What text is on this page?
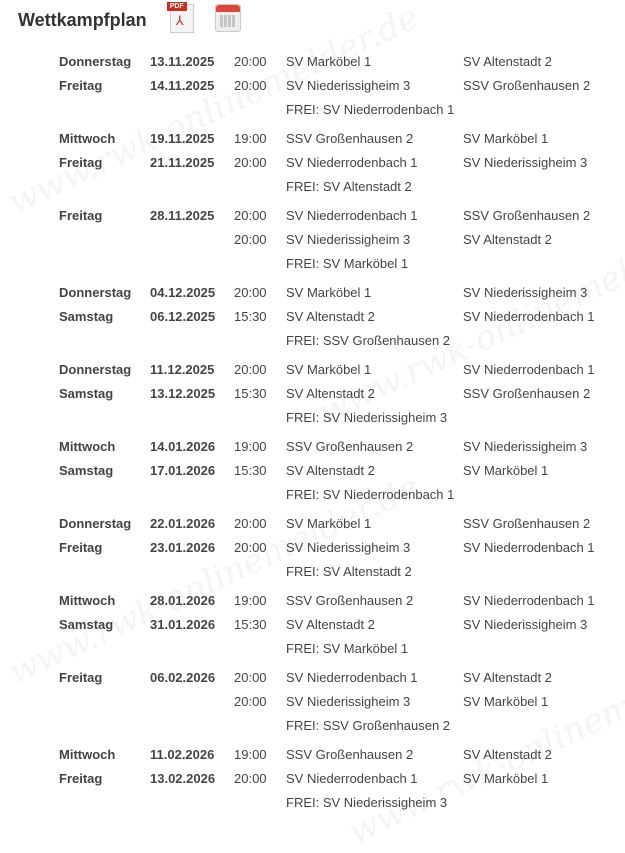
Wettkampfplan
PDF
⅄
Donnerstag 13.11.2025 20:00 SV Marköbel 1	SV Altenstadt 2
Freitag	14.11.2025 20:00 SV Niederissigheim 3	SSV Großenhausen 2
FREI: SV Niederrodenbach 1
Mittwoch	19.11.2025 19:00 SSV Großenhausen 2	SV Marköbel 1
Freitag	21.11.2025 20:00 SV Niederrodenbach 1	SV Niederissigheim 3
FREI: SV Altenstadt 2
Freitag	28.11.2025 20:00 SV Niederrodenbach 1	SSV Großenhausen 2
20:00 SV Niederissigheim 3	SV Altenstadt 2
FREI: SV Marköbel 1
Donnerstag 04.12.2025 20:00 SV Marköbel 1	SV Niederissigheim 3
Samstag	06.12.2025 15:30 SV Altenstadt 2	SV Niederrodenbach 1
FREI: SSV Großenhausen 2
Donnerstag 11.12.2025 20:00 SV Marköbel 1	SV Niederrodenbach 1
Samstag	13.12.2025 15:30 SV Altenstadt 2	SSV Großenhausen 2
FREI: SV Niederissigheim 3
Mittwoch	14.01.2026 19:00 SSV Großenhausen 2	SV Niederissigheim 3
Samstag	17.01.2026 15:30 SV Altenstadt 2	SV Marköbel 1
FREI: SV Niederrodenbach 1
Donnerstag 22.01.2026 20:00 SV Marköbel 1	SSV Großenhausen 2
Freitag	23.01.2026 20:00 SV Niederissigheim 3	SV Niederrodenbach 1
FREI: SV Altenstadt 2
Mittwoch	28.01.2026 19:00 SSV Großenhausen 2	SV Niederrodenbach 1
Samstag	31.01.2026 15:30 SV Altenstadt 2	SV Niederissigheim 3
FREI: SV Marköbel 1
Freitag	06.02.2026 20:00 SV Niederrodenbach 1	SV Altenstadt 2
20:00 SV Niederissigheim 3	SV Marköbel 1
FREI: SSV Großenhausen 2
Mittwoch	11.02.2026 19:00 SSV Großenhausen 2	SV Altenstadt 2
Freitag	13.02.2026 20:00 SV Niederrodenbach 1	SV Marköbel 1
FREI: SV Niederissigheim 3
